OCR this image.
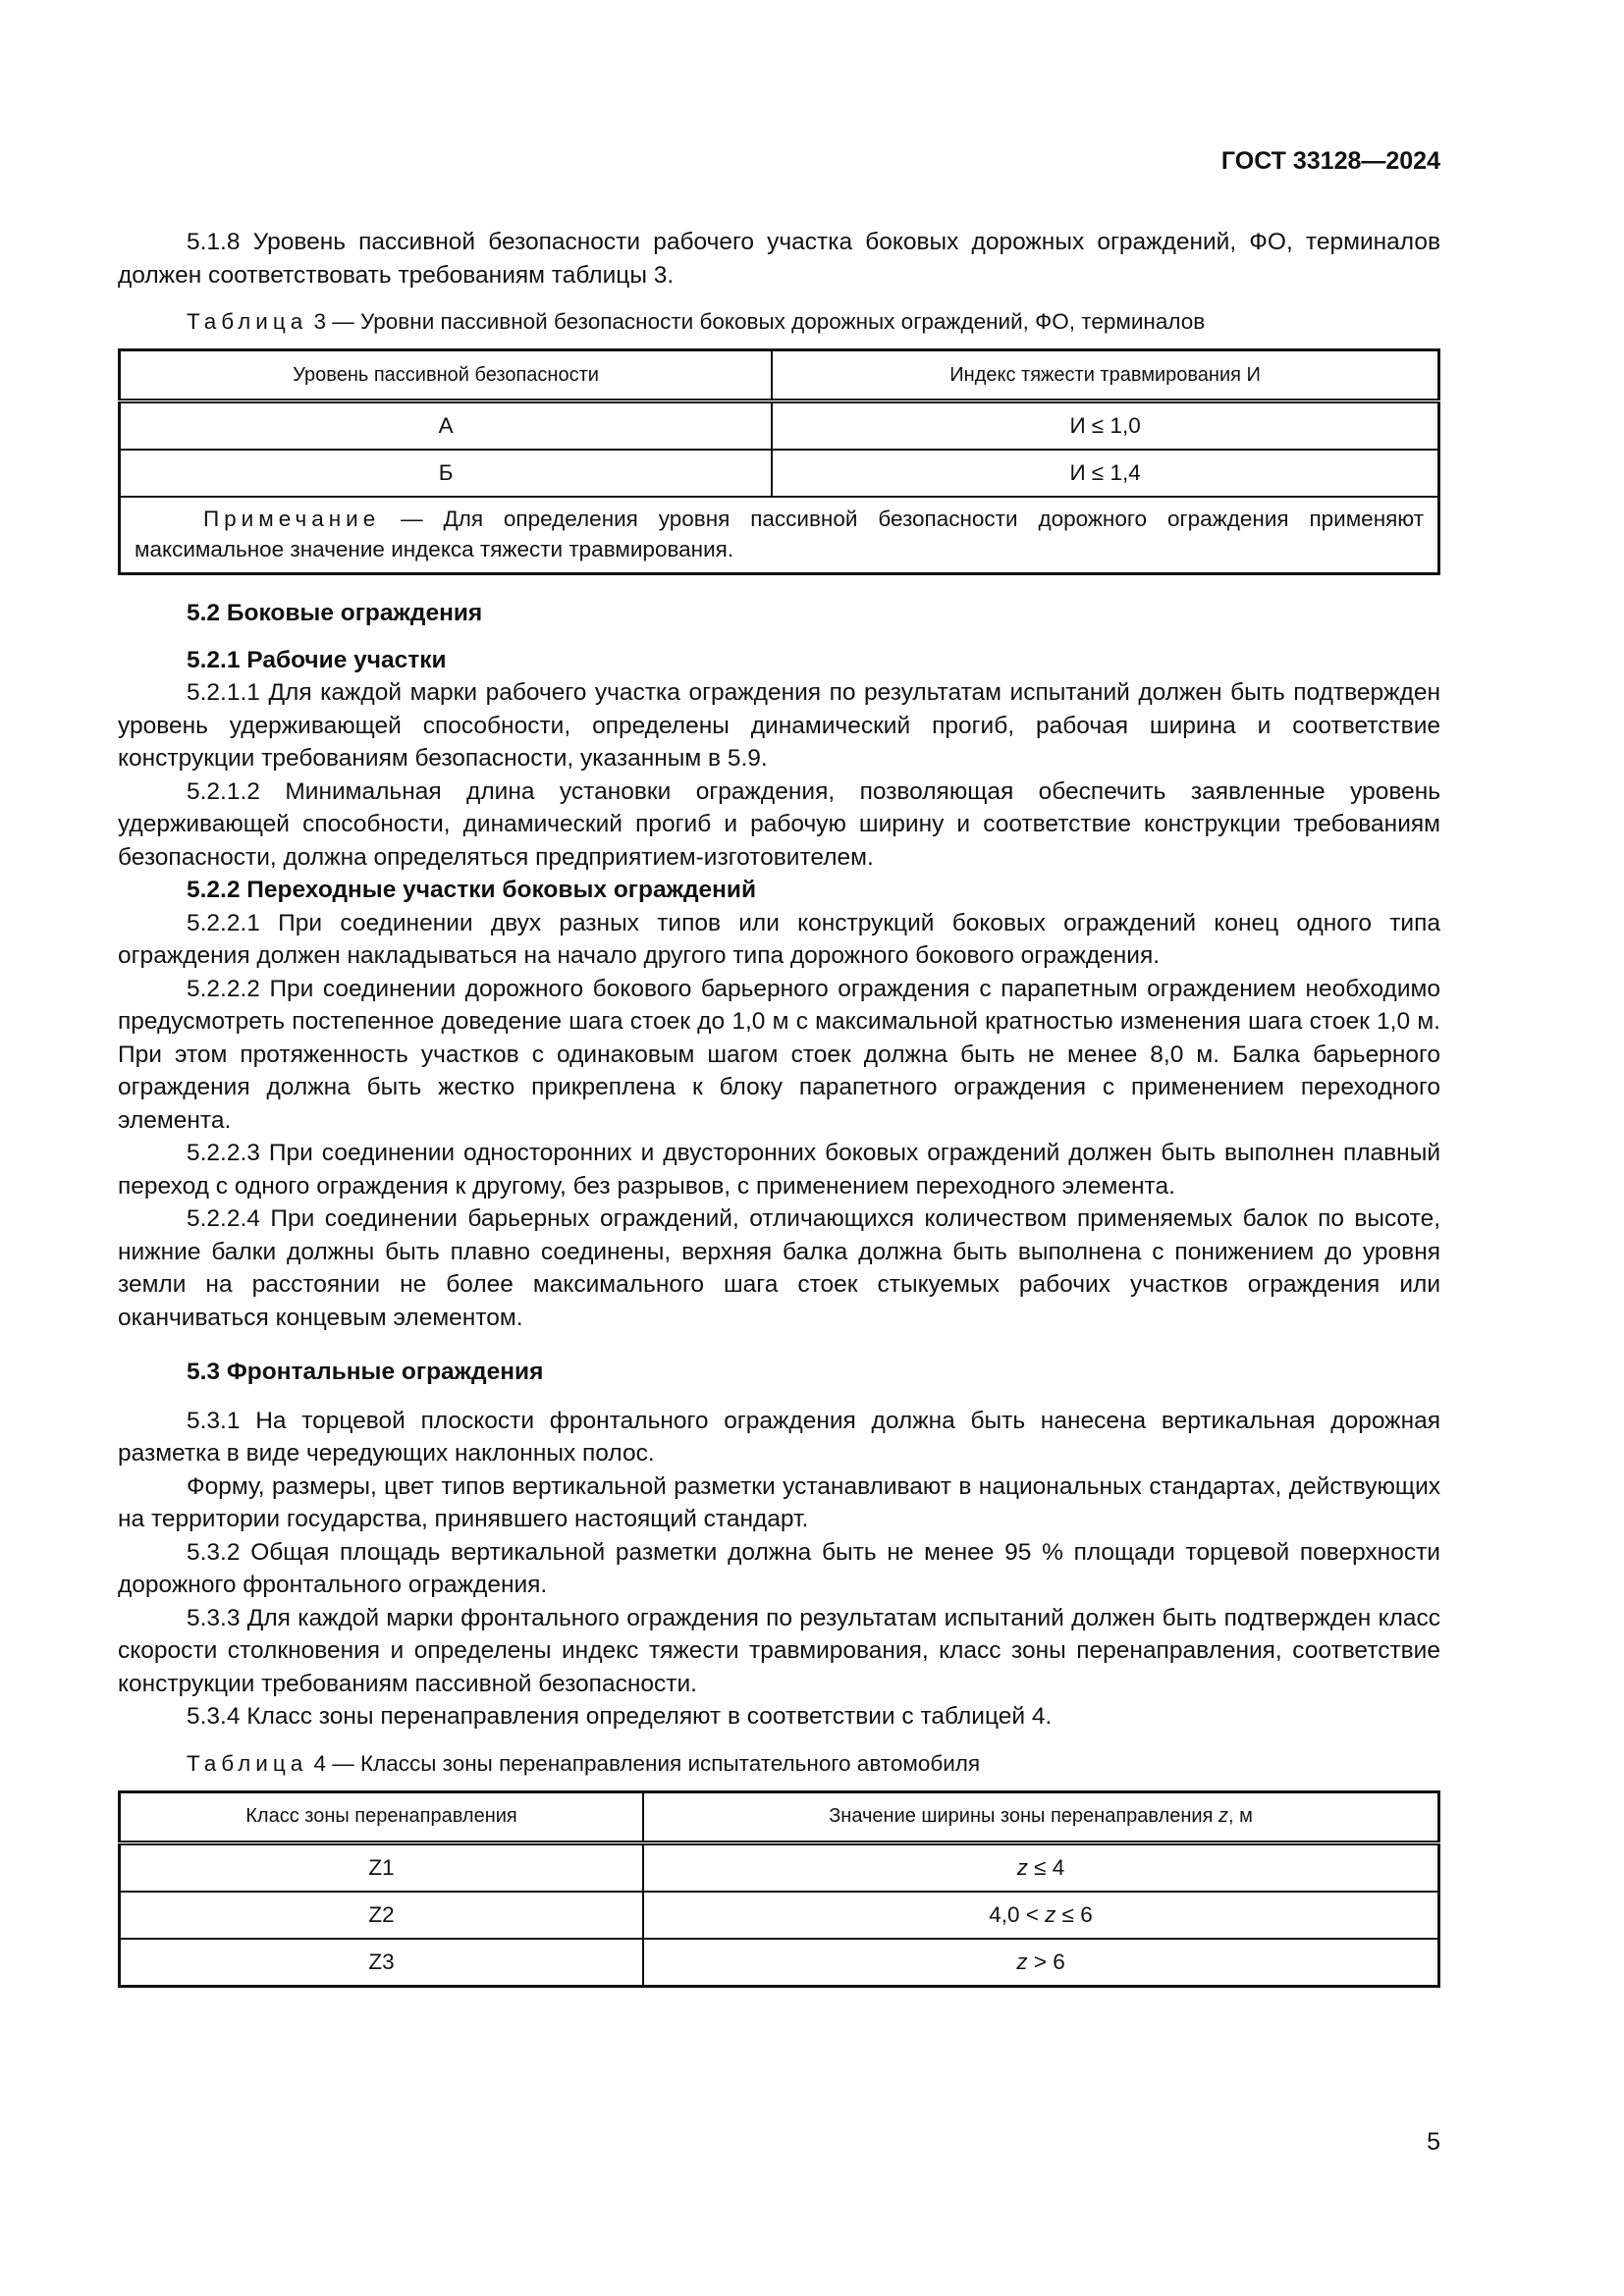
ГОСТ 33128—2024

5.1.8 Уровень пассивной безопасности рабочего участка боковых дорожных ограждений, ФО, терминалов должен соответствовать требованиям таблицы 3.

Таблица 3 — Уровни пассивной безопасности боковых дорожных ограждений, ФО, терминалов

Уровень пассивной безопасности	Индекс тяжести травмирования И
А	И ≤ 1,0
Б	И ≤ 1,4
Примечание — Для определения уровня пассивной безопасности дорожного ограждения применяют максимальное значение индекса тяжести травмирования.	
5.2 Боковые ограждения
5.2.1 Рабочие участки

5.2.1.1 Для каждой марки рабочего участка ограждения по результатам испытаний должен быть подтвержден уровень удерживающей способности, определены динамический прогиб, рабочая ширина и соответствие конструкции требованиям безопасности, указанным в 5.9.

5.2.1.2 Минимальная длина установки ограждения, позволяющая обеспечить заявленные уровень удерживающей способности, динамический прогиб и рабочую ширину и соответствие конструкции требованиям безопасности, должна определяться предприятием-изготовителем.

5.2.2 Переходные участки боковых ограждений

5.2.2.1 При соединении двух разных типов или конструкций боковых ограждений конец одного типа ограждения должен накладываться на начало другого типа дорожного бокового ограждения.

5.2.2.2 При соединении дорожного бокового барьерного ограждения с парапетным ограждением необходимо предусмотреть постепенное доведение шага стоек до 1,0 м с максимальной кратностью изменения шага стоек 1,0 м. При этом протяженность участков с одинаковым шагом стоек должна быть не менее 8,0 м. Балка барьерного ограждения должна быть жестко прикреплена к блоку парапетного ограждения с применением переходного элемента.

5.2.2.3 При соединении односторонних и двусторонних боковых ограждений должен быть выполнен плавный переход с одного ограждения к другому, без разрывов, с применением переходного элемента.

5.2.2.4 При соединении барьерных ограждений, отличающихся количеством применяемых балок по высоте, нижние балки должны быть плавно соединены, верхняя балка должна быть выполнена с понижением до уровня земли на расстоянии не более максимального шага стоек стыкуемых рабочих участков ограждения или оканчиваться концевым элементом.

5.3 Фронтальные ограждения

5.3.1 На торцевой плоскости фронтального ограждения должна быть нанесена вертикальная дорожная разметка в виде чередующих наклонных полос.

Форму, размеры, цвет типов вертикальной разметки устанавливают в национальных стандартах, действующих на территории государства, принявшего настоящий стандарт.

5.3.2 Общая площадь вертикальной разметки должна быть не менее 95 % площади торцевой поверхности дорожного фронтального ограждения.

5.3.3 Для каждой марки фронтального ограждения по результатам испытаний должен быть подтвержден класс скорости столкновения и определены индекс тяжести травмирования, класс зоны перенаправления, соответствие конструкции требованиям пассивной безопасности.

5.3.4 Класс зоны перенаправления определяют в соответствии с таблицей 4.

Таблица 4 — Классы зоны перенаправления испытательного автомобиля

Класс зоны перенаправления	Значение ширины зоны перенаправления z, м
Z1	z ≤ 4
Z2	4,0 < z ≤ 6
Z3	z > 6
5
